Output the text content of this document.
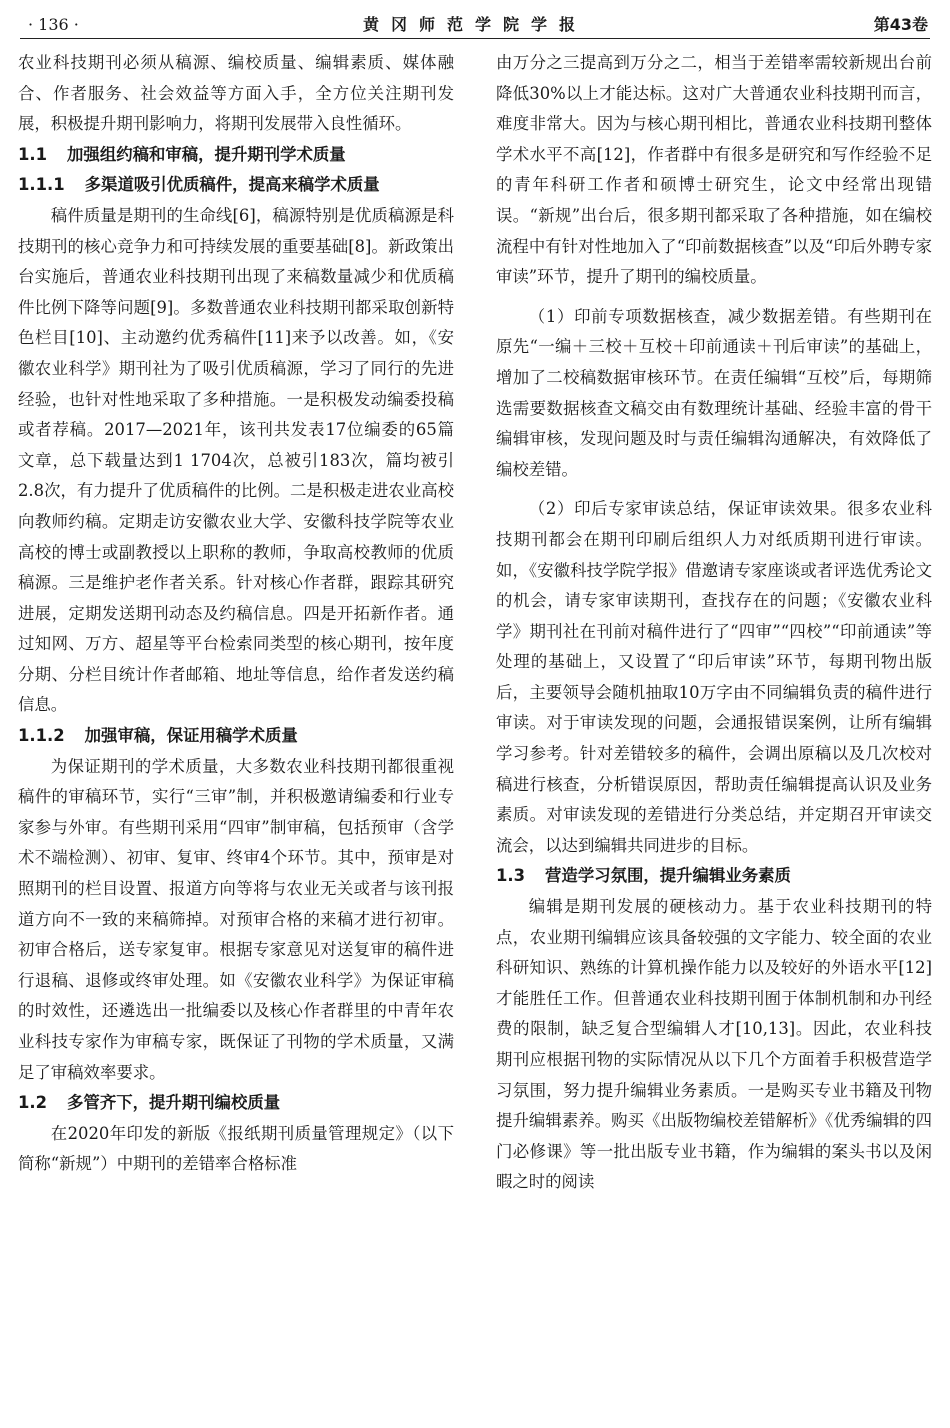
· 136 ·	黄冈师范学院学报	第43卷

农业科技期刊必须从稿源、编校质量、编辑素质、媒体融合、作者服务、社会效益等方面入手，全方位关注期刊发展，积极提升期刊影响力，将期刊发展带入良性循环。

1.1 加强组约稿和审稿，提升期刊学术质量
1.1.1 多渠道吸引优质稿件，提高来稿学术质量

稿件质量是期刊的生命线[6]，稿源特别是优质稿源是科技期刊的核心竞争力和可持续发展的重要基础[8]。新政策出台实施后，普通农业科技期刊出现了来稿数量减少和优质稿件比例下降等问题[9]。多数普通农业科技期刊都采取创新特色栏目[10]、主动邀约优秀稿件[11]来予以改善。如，《安徽农业科学》期刊社为了吸引优质稿源，学习了同行的先进经验，也针对性地采取了多种措施。一是积极发动编委投稿或者荐稿。2017—2021年，该刊共发表17位编委的65篇文章，总下载量达到1 1704次，总被引183次，篇均被引2.8次，有力提升了优质稿件的比例。二是积极走进农业高校向教师约稿。定期走访安徽农业大学、安徽科技学院等农业高校的博士或副教授以上职称的教师，争取高校教师的优质稿源。三是维护老作者关系。针对核心作者群，跟踪其研究进展，定期发送期刊动态及约稿信息。四是开拓新作者。通过知网、万方、超星等平台检索同类型的核心期刊，按年度分期、分栏目统计作者邮箱、地址等信息，给作者发送约稿信息。

1.1.2 加强审稿，保证用稿学术质量

为保证期刊的学术质量，大多数农业科技期刊都很重视稿件的审稿环节，实行“三审”制，并积极邀请编委和行业专家参与外审。有些期刊采用“四审”制审稿，包括预审（含学术不端检测）、初审、复审、终审4个环节。其中，预审是对照期刊的栏目设置、报道方向等将与农业无关或者与该刊报道方向不一致的来稿筛掉。对预审合格的来稿才进行初审。初审合格后，送专家复审。根据专家意见对送复审的稿件进行退稿、退修或终审处理。如《安徽农业科学》为保证审稿的时效性，还遴选出一批编委以及核心作者群里的中青年农业科技专家作为审稿专家，既保证了刊物的学术质量，又满足了审稿效率要求。

1.2 多管齐下，提升期刊编校质量

在2020年印发的新版《报纸期刊质量管理规定》（以下简称“新规”）中期刊的差错率合格标准

由万分之三提高到万分之二，相当于差错率需较新规出台前降低30%以上才能达标。这对广大普通农业科技期刊而言，难度非常大。因为与核心期刊相比，普通农业科技期刊整体学术水平不高[12]，作者群中有很多是研究和写作经验不足的青年科研工作者和硕博士研究生，论文中经常出现错误。“新规”出台后，很多期刊都采取了各种措施，如在编校流程中有针对性地加入了“印前数据核查”以及“印后外聘专家审读”环节，提升了期刊的编校质量。

（1）印前专项数据核查，减少数据差错。有些期刊在原先“一编＋三校＋互校＋印前通读＋刊后审读”的基础上，增加了二校稿数据审核环节。在责任编辑“互校”后，每期筛选需要数据核查文稿交由有数理统计基础、经验丰富的骨干编辑审核，发现问题及时与责任编辑沟通解决，有效降低了编校差错。

（2）印后专家审读总结，保证审读效果。很多农业科技期刊都会在期刊印刷后组织人力对纸质期刊进行审读。如，《安徽科技学院学报》借邀请专家座谈或者评选优秀论文的机会，请专家审读期刊，查找存在的问题；《安徽农业科学》期刊社在刊前对稿件进行了“四审”“四校”“印前通读”等处理的基础上，又设置了“印后审读”环节，每期刊物出版后，主要领导会随机抽取10万字由不同编辑负责的稿件进行审读。对于审读发现的问题，会通报错误案例，让所有编辑学习参考。针对差错较多的稿件，会调出原稿以及几次校对稿进行核查，分析错误原因，帮助责任编辑提高认识及业务素质。对审读发现的差错进行分类总结，并定期召开审读交流会，以达到编辑共同进步的目标。

1.3 营造学习氛围，提升编辑业务素质

编辑是期刊发展的硬核动力。基于农业科技期刊的特点，农业期刊编辑应该具备较强的文字能力、较全面的农业科研知识、熟练的计算机操作能力以及较好的外语水平[12]才能胜任工作。但普通农业科技期刊囿于体制机制和办刊经费的限制，缺乏复合型编辑人才[10,13]。因此，农业科技期刊应根据刊物的实际情况从以下几个方面着手积极营造学习氛围，努力提升编辑业务素质。一是购买专业书籍及刊物提升编辑素养。购买《出版物编校差错解析》《优秀编辑的四门必修课》等一批出版专业书籍，作为编辑的案头书以及闲暇之时的阅读
